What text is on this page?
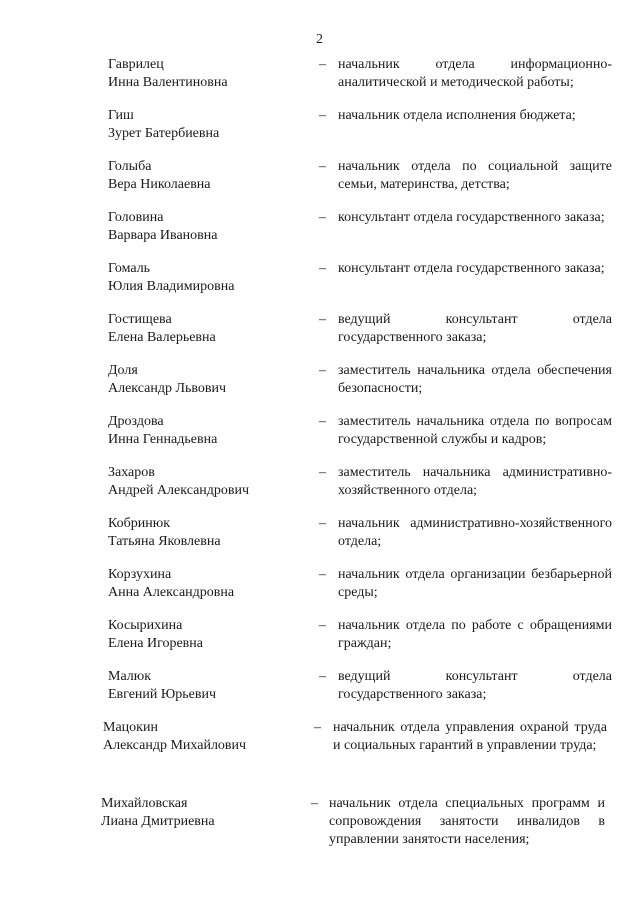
2
Гаврилец
Инна Валентиновна
– начальник отдела информационно-аналитической и методической работы;
Гиш
Зурет Батербиевна
– начальник отдела исполнения бюджета;
Голыба
Вера Николаевна
– начальник отдела по социальной защите семьи, материнства, детства;
Головина
Варвара Ивановна
– консультант отдела государственного заказа;
Гомаль
Юлия Владимировна
– консультант отдела государственного заказа;
Гостищева
Елена Валерьевна
– ведущий консультант отдела государственного заказа;
Доля
Александр Львович
– заместитель начальника отдела обеспечения безопасности;
Дроздова
Инна Геннадьевна
– заместитель начальника отдела по вопросам государственной службы и кадров;
Захаров
Андрей Александрович
– заместитель начальника административно-хозяйственного отдела;
Кобринюк
Татьяна Яковлевна
– начальник административно-хозяйственного отдела;
Корзухина
Анна Александровна
– начальник отдела организации безбарьерной среды;
Косырихина
Елена Игоревна
– начальник отдела по работе с обращениями граждан;
Малюк
Евгений Юрьевич
– ведущий консультант отдела государственного заказа;
Мацокин
Александр Михайлович
– начальник отдела управления охраной труда и социальных гарантий в управлении труда;
Михайловская
Лиана Дмитриевна
– начальник отдела специальных программ и сопровождения занятости инвалидов в управлении занятости населения;
